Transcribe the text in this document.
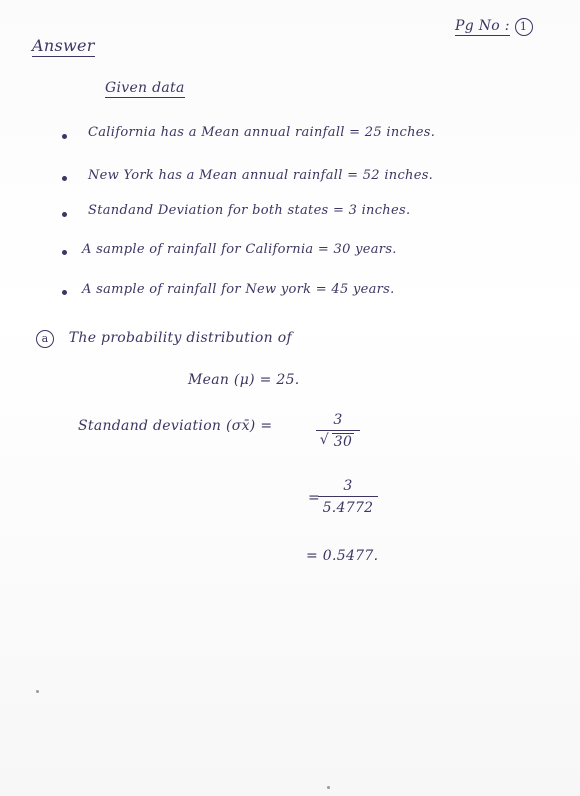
Pg No : 1
Answer
Given data
California has a Mean annual rainfall = 25 inches.
New York has a Mean annual rainfall = 52 inches.
Standand Deviation for both states = 3 inches.
A sample of rainfall for California = 30 years.
A sample of rainfall for New york = 45 years.
a The probability distribution of
Mean (μ) = 25.
Standand deviation (σx̄) =	3
√ 30
=
3
5.4772
= 0.5477.
